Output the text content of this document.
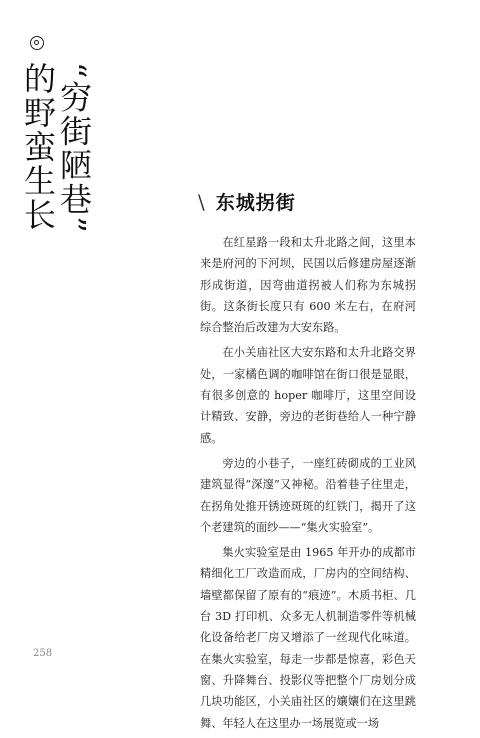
“穷街陋巷”
的野蛮生长	\ 东城拐街

在红星路一段和太升北路之间，这里本来是府河的下河坝，民国以后修建房屋逐渐形成街道，因弯曲道拐被人们称为东城拐街。这条街长度只有 600 米左右，在府河综合整治后改建为大安东路。

在小关庙社区大安东路和太升北路交界处，一家橘色调的咖啡馆在街口很是显眼，有很多创意的 hoper 咖啡厅，这里空间设计精致、安静，旁边的老街巷给人一种宁静感。

旁边的小巷子，一座红砖砌成的工业风建筑显得“深邃”又神秘。沿着巷子往里走，在拐角处推开锈迹斑斑的红铁门，揭开了这个老建筑的面纱——“集火实验室”。

集火实验室是由 1965 年开办的成都市精细化工厂改造而成，厂房内的空间结构、墙壁都保留了原有的“痕迹”。木质书柜、几台 3D 打印机、众多无人机制造零件等机械化设备给老厂房又增添了一丝现代化味道。在集火实验室，每走一步都是惊喜，彩色天窗、升降舞台、投影仪等把整个厂房划分成几块功能区，小关庙社区的孃孃们在这里跳舞、年轻人在这里办一场展览或一场

258
